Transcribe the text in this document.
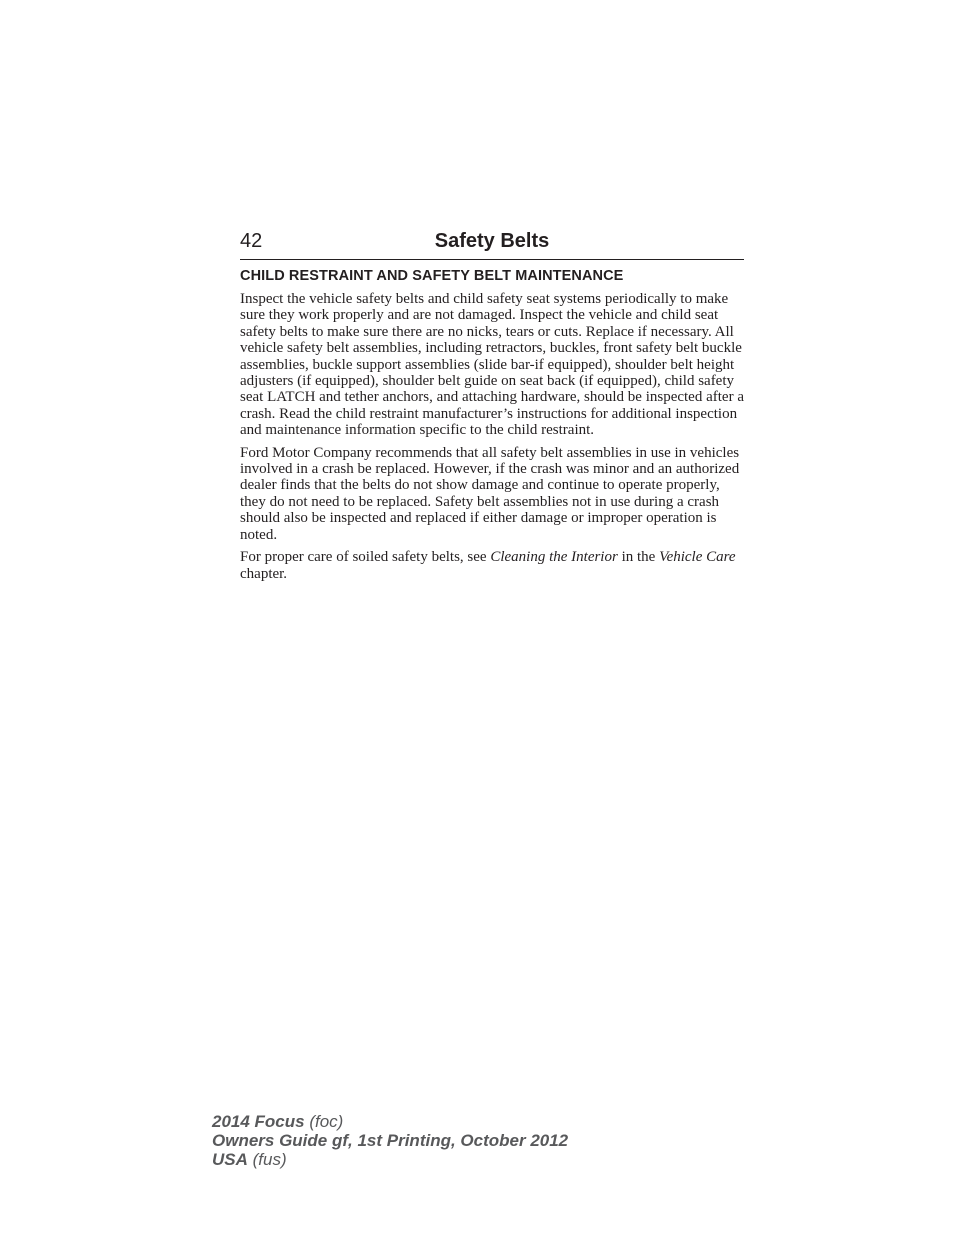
42	Safety Belts
CHILD RESTRAINT AND SAFETY BELT MAINTENANCE

Inspect the vehicle safety belts and child safety seat systems periodically to make sure they work properly and are not damaged. Inspect the vehicle and child seat safety belts to make sure there are no nicks, tears or cuts. Replace if necessary. All vehicle safety belt assemblies, including retractors, buckles, front safety belt buckle assemblies, buckle support assemblies (slide bar-if equipped), shoulder belt height adjusters (if equipped), shoulder belt guide on seat back (if equipped), child safety seat LATCH and tether anchors, and attaching hardware, should be inspected after a crash. Read the child restraint manufacturer’s instructions for additional inspection and maintenance information specific to the child restraint.

Ford Motor Company recommends that all safety belt assemblies in use in vehicles involved in a crash be replaced. However, if the crash was minor and an authorized dealer finds that the belts do not show damage and continue to operate properly, they do not need to be replaced. Safety belt assemblies not in use during a crash should also be inspected and replaced if either damage or improper operation is noted.

For proper care of soiled safety belts, see Cleaning the Interior in the Vehicle Care chapter.

2014 Focus (foc)
Owners Guide gf, 1st Printing, October 2012
USA (fus)
